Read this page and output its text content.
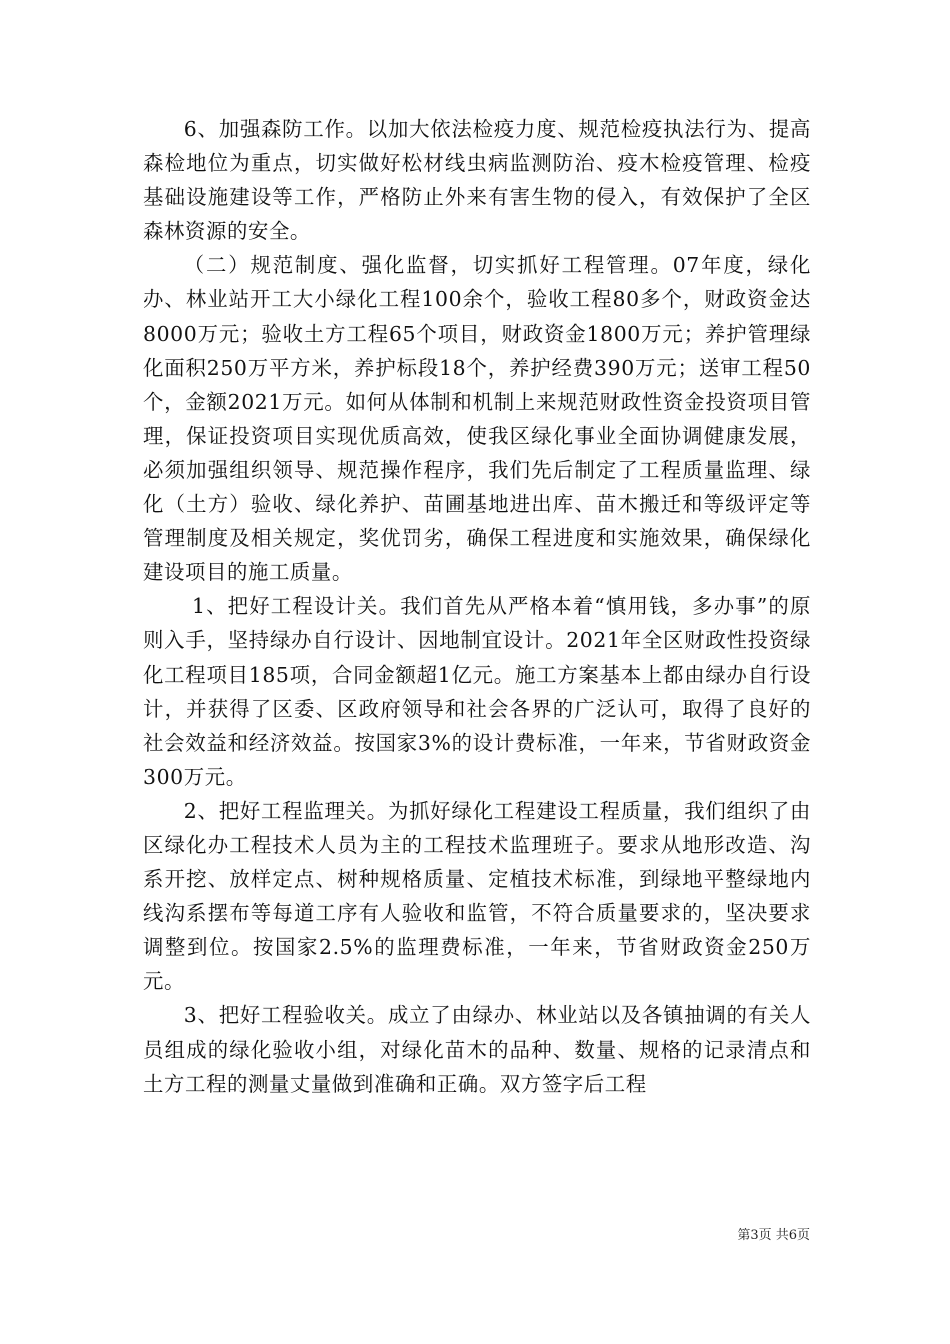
6、加强森防工作。以加大依法检疫力度、规范检疫执法行为、提高森检地位为重点，切实做好松材线虫病监测防治、疫木检疫管理、检疫基础设施建设等工作，严格防止外来有害生物的侵入，有效保护了全区森林资源的安全。

（二）规范制度、强化监督，切实抓好工程管理。07年度，绿化办、林业站开工大小绿化工程100余个，验收工程80多个，财政资金达8000万元；验收土方工程65个项目，财政资金1800万元；养护管理绿化面积250万平方米，养护标段18个，养护经费390万元；送审工程50个，金额2021万元。如何从体制和机制上来规范财政性资金投资项目管理，保证投资项目实现优质高效，使我区绿化事业全面协调健康发展，必须加强组织领导、规范操作程序，我们先后制定了工程质量监理、绿化（土方）验收、绿化养护、苗圃基地进出库、苗木搬迁和等级评定等管理制度及相关规定，奖优罚劣，确保工程进度和实施效果，确保绿化建设项目的施工质量。

1、把好工程设计关。我们首先从严格本着“慎用钱，多办事”的原则入手，坚持绿办自行设计、因地制宜设计。2021年全区财政性投资绿化工程项目185项，合同金额超1亿元。施工方案基本上都由绿办自行设计，并获得了区委、区政府领导和社会各界的广泛认可，取得了良好的社会效益和经济效益。按国家3%的设计费标准，一年来，节省财政资金300万元。

2、把好工程监理关。为抓好绿化工程建设工程质量，我们组织了由区绿化办工程技术人员为主的工程技术监理班子。要求从地形改造、沟系开挖、放样定点、树种规格质量、定植技术标准，到绿地平整绿地内线沟系摆布等每道工序有人验收和监管，不符合质量要求的，坚决要求调整到位。按国家2.5%的监理费标准，一年来，节省财政资金250万元。

3、把好工程验收关。成立了由绿办、林业站以及各镇抽调的有关人员组成的绿化验收小组，对绿化苗木的品种、数量、规格的记录清点和土方工程的测量丈量做到准确和正确。双方签字后工程

第3页 共6页
